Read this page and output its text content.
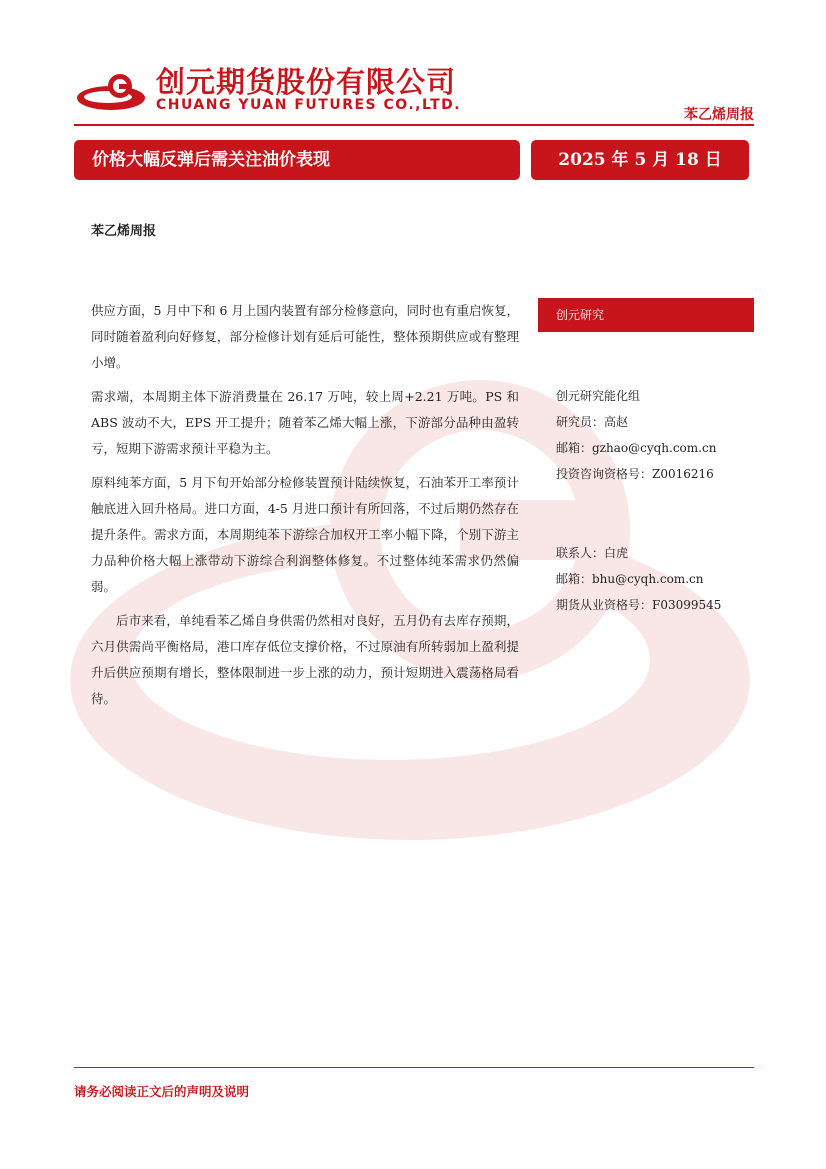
创元期货股份有限公司
CHUANG YUAN FUTURES CO.,LTD.
苯乙烯周报
价格大幅反弹后需关注油价表现	2025 年 5 月 18 日
苯乙烯周报

供应方面，5 月中下和 6 月上国内装置有部分检修意向，同时也有重启恢复，同时随着盈利向好修复，部分检修计划有延后可能性，整体预期供应或有整理小增。

需求端，本周期主体下游消费量在 26.17 万吨，较上周+2.21 万吨。PS 和 ABS 波动不大，EPS 开工提升；随着苯乙烯大幅上涨，下游部分品种由盈转亏，短期下游需求预计平稳为主。

原料纯苯方面，5 月下旬开始部分检修装置预计陆续恢复，石油苯开工率预计触底进入回升格局。进口方面，4-5 月进口预计有所回落，不过后期仍然存在提升条件。需求方面，本周期纯苯下游综合加权开工率小幅下降，个别下游主力品种价格大幅上涨带动下游综合利润整体修复。不过整体纯苯需求仍然偏弱。

后市来看，单纯看苯乙烯自身供需仍然相对良好，五月仍有去库存预期，六月供需尚平衡格局，港口库存低位支撑价格，不过原油有所转弱加上盈利提升后供应预期有增长，整体限制进一步上涨的动力，预计短期进入震荡格局看待。

创元研究
创元研究能化组
研究员：高赵
邮箱：gzhao@cyqh.com.cn
投资咨询资格号：Z0016216
联系人：白虎
邮箱：bhu@cyqh.com.cn
期货从业资格号：F03099545
请务必阅读正文后的声明及说明
